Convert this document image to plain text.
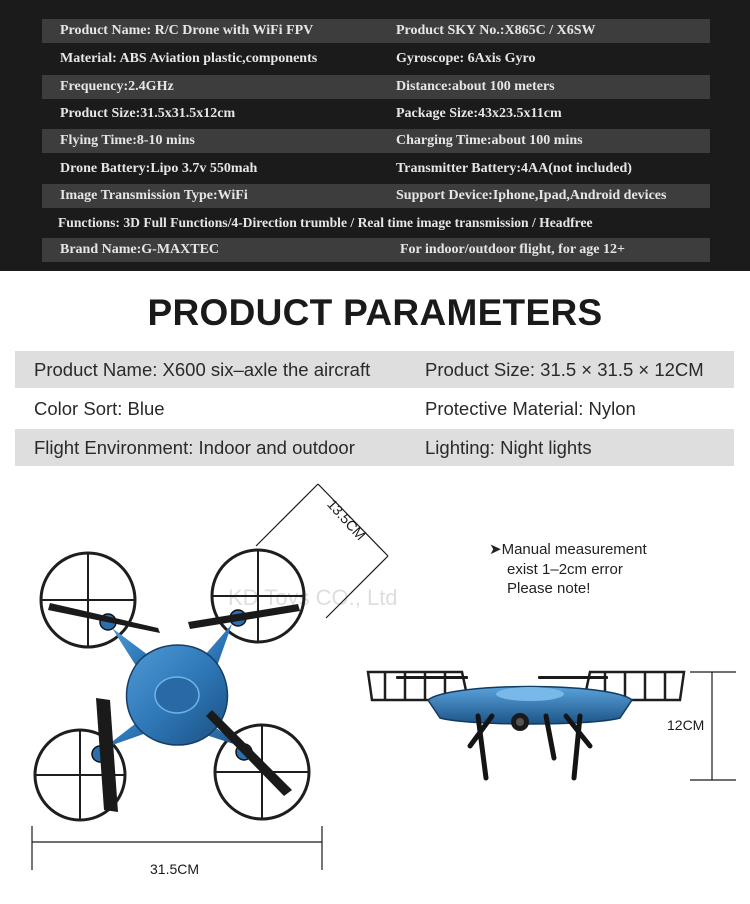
Product Name: R/C Drone with WiFi FPV	Product SKY No.:X865C / X6SW
Material: ABS Aviation plastic,components	Gyroscope: 6Axis Gyro
Frequency:2.4GHz	Distance:about 100 meters
Product Size:31.5x31.5x12cm	Package Size:43x23.5x11cm
Flying Time:8-10 mins	Charging Time:about 100 mins
Drone Battery:Lipo 3.7v 550mah	Transmitter Battery:4AA(not included)
Image Transmission Type:WiFi	Support Device:Iphone,Ipad,Android devices
Functions: 3D Full Functions/4-Direction trumble / Real time image transmission / Headfree
Brand Name:G-MAXTEC	For indoor/outdoor flight, for age 12+
PRODUCT PARAMETERS
Product Name: X600 six–axle the aircraft	Product Size: 31.5 × 31.5 × 12CM
Color Sort: Blue	Protective Material: Nylon
Flight Environment: Indoor and outdoor	Lighting: Night lights
KD Toys CO., Ltd
13.5CM
31.5CM
12CM
➤Manual measurement
exist 1–2cm error
Please note!
